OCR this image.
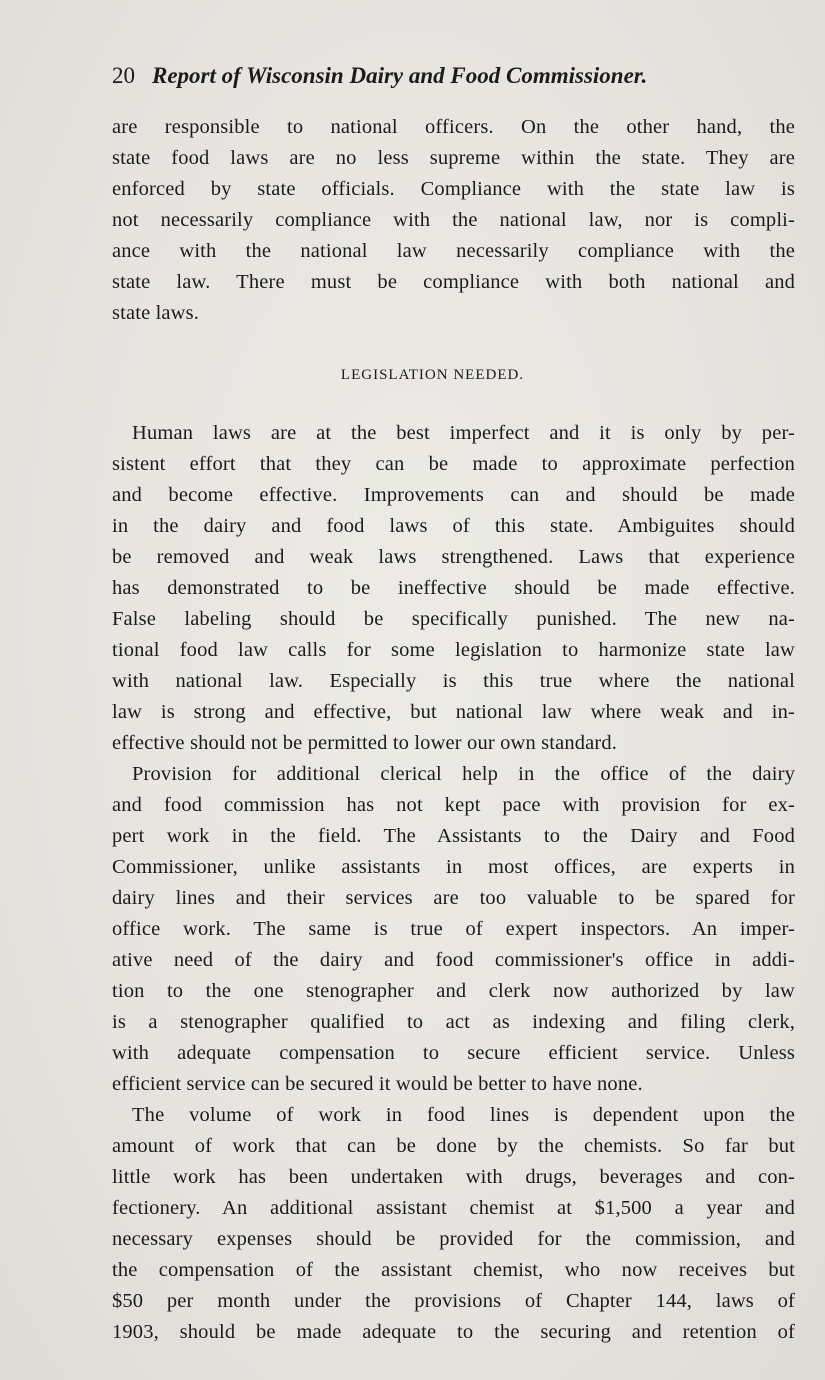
20 Report of Wisconsin Dairy and Food Commissioner.
are responsible to national officers. On the other hand, the
state food laws are no less supreme within the state. They are
enforced by state officials. Compliance with the state law is
not necessarily compliance with the national law, nor is compli-
ance with the national law necessarily compliance with the
state law. There must be compliance with both national and
state laws.
LEGISLATION NEEDED.
Human laws are at the best imperfect and it is only by per-
sistent effort that they can be made to approximate perfection
and become effective. Improvements can and should be made
in the dairy and food laws of this state. Ambiguites should
be removed and weak laws strengthened. Laws that experience
has demonstrated to be ineffective should be made effective.
False labeling should be specifically punished. The new na-
tional food law calls for some legislation to harmonize state law
with national law. Especially is this true where the national
law is strong and effective, but national law where weak and in-
effective should not be permitted to lower our own standard.
Provision for additional clerical help in the office of the dairy
and food commission has not kept pace with provision for ex-
pert work in the field. The Assistants to the Dairy and Food
Commissioner, unlike assistants in most offices, are experts in
dairy lines and their services are too valuable to be spared for
office work. The same is true of expert inspectors. An imper-
ative need of the dairy and food commissioner's office in addi-
tion to the one stenographer and clerk now authorized by law
is a stenographer qualified to act as indexing and filing clerk,
with adequate compensation to secure efficient service. Unless
efficient service can be secured it would be better to have none.
The volume of work in food lines is dependent upon the
amount of work that can be done by the chemists. So far but
little work has been undertaken with drugs, beverages and con-
fectionery. An additional assistant chemist at $1,500 a year and
necessary expenses should be provided for the commission, and
the compensation of the assistant chemist, who now receives but
$50 per month under the provisions of Chapter 144, laws of
1903, should be made adequate to the securing and retention of
